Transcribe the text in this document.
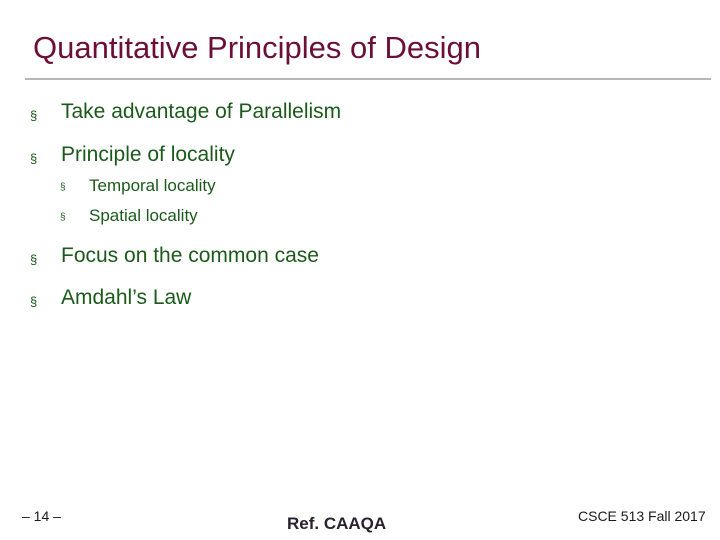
Quantitative Principles of Design
§ Take advantage of Parallelism
§ Principle of locality
§ Temporal locality
§ Spatial locality
§ Focus on the common case
§ Amdahl’s Law
– 14 –	Ref. CAAQA	CSCE 513 Fall 2017
